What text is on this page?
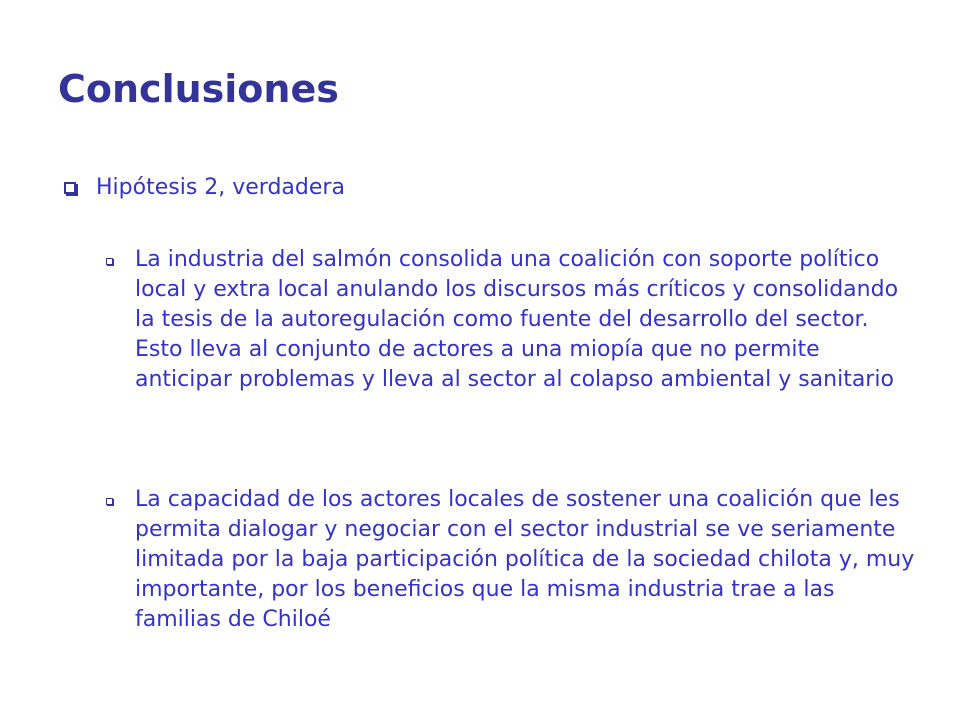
Conclusiones
Hipótesis 2, verdadera

La industria del salmón consolida una coalición con soporte político local y extra local anulando los discursos más críticos y consolidando la tesis de la autoregulación como fuente del desarrollo del sector. Esto lleva al conjunto de actores a una miopía que no permite anticipar problemas y lleva al sector al colapso ambiental y sanitario

La capacidad de los actores locales de sostener una coalición que les permita dialogar y negociar con el sector industrial se ve seriamente limitada por la baja participación política de la sociedad chilota y, muy importante, por los beneficios que la misma industria trae a las familias de Chiloé
